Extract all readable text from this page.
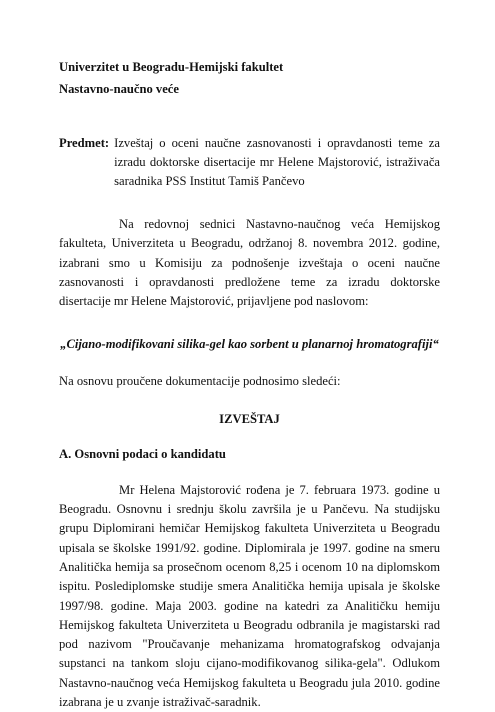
Univerzitet u Beogradu-Hemijski fakultet
Nastavno-naučno veće
Predmet: Izveštaj o oceni naučne zasnovanosti i opravdanosti teme za izradu doktorske disertacije mr Helene Majstorović, istraživača saradnika PSS Institut Tamiš Pančevo

Na redovnoj sednici Nastavno-naučnog veća Hemijskog fakulteta, Univerziteta u Beogradu, održanoj 8. novembra 2012. godine, izabrani smo u Komisiju za podnošenje izveštaja o oceni naučne zasnovanosti i opravdanosti predložene teme za izradu doktorske disertacije mr Helene Majstorović, prijavljene pod naslovom:

„Cijano-modifikovani silika-gel kao sorbent u planarnoj hromatografiji“

Na osnovu proučene dokumentacije podnosimo sledeći:

IZVEŠTAJ
A. Osnovni podaci o kandidatu

Mr Helena Majstorović rođena je 7. februara 1973. godine u Beogradu. Osnovnu i srednju školu završila je u Pančevu. Na studijsku grupu Diplomirani hemičar Hemijskog fakulteta Univerziteta u Beogradu upisala se školske 1991/92. godine. Diplomirala je 1997. godine na smeru Analitička hemija sa prosečnom ocenom 8,25 i ocenom 10 na diplomskom ispitu. Poslediplomske studije smera Analitička hemija upisala je školske 1997/98. godine. Maja 2003. godine na katedri za Analitičku hemiju Hemijskog fakulteta Univerziteta u Beogradu odbranila je magistarski rad pod nazivom "Proučavanje mehanizama hromatografskog odvajanja supstanci na tankom sloju cijano-modifikovanog silika-gela". Odlukom Nastavno-naučnog veća Hemijskog fakulteta u Beogradu jula 2010. godine izabrana je u zvanje istraživač-saradnik.
